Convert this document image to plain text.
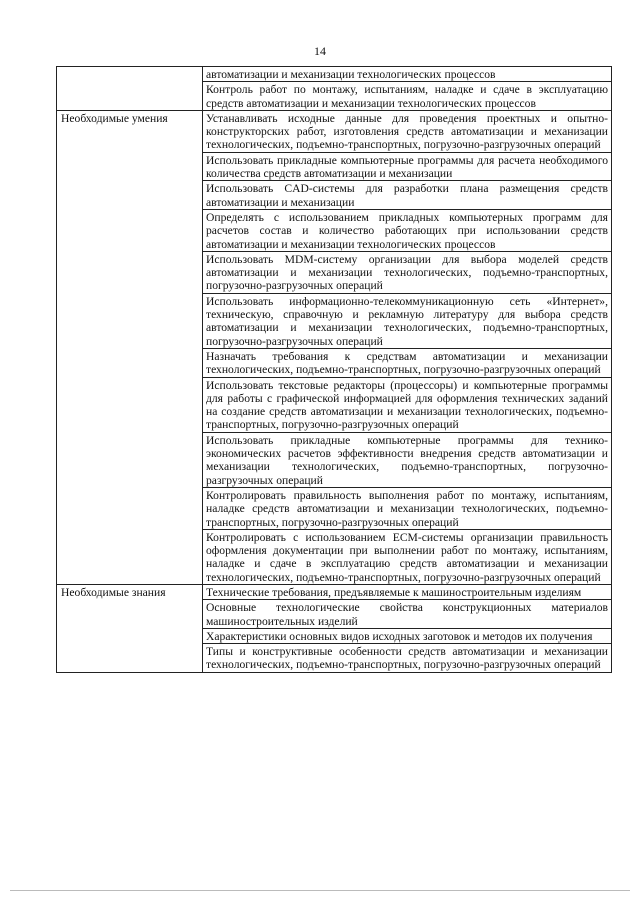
14
	автоматизации и механизации технологических процессов
	Контроль работ по монтажу, испытаниям, наладке и сдаче в эксплуатацию средств автоматизации и механизации технологических процессов
Необходимые умения	Устанавливать исходные данные для проведения проектных и опытно-конструкторских работ, изготовления средств автоматизации и механизации технологических, подъемно-транспортных, погрузочно-разгрузочных операций
	Использовать прикладные компьютерные программы для расчета необходимого количества средств автоматизации и механизации
	Использовать CAD-системы для разработки плана размещения средств автоматизации и механизации
	Определять с использованием прикладных компьютерных программ для расчетов состав и количество работающих при использовании средств автоматизации и механизации технологических процессов
	Использовать MDM-систему организации для выбора моделей средств автоматизации и механизации технологических, подъемно-транспортных, погрузочно-разгрузочных операций
	Использовать информационно-телекоммуникационную сеть «Интернет», техническую, справочную и рекламную литературу для выбора средств автоматизации и механизации технологических, подъемно-транспортных, погрузочно-разгрузочных операций
	Назначать требования к средствам автоматизации и механизации технологических, подъемно-транспортных, погрузочно-разгрузочных операций
	Использовать текстовые редакторы (процессоры) и компьютерные программы для работы с графической информацией для оформления технических заданий на создание средств автоматизации и механизации технологических, подъемно-транспортных, погрузочно-разгрузочных операций
	Использовать прикладные компьютерные программы для технико-экономических расчетов эффективности внедрения средств автоматизации и механизации технологических, подъемно-транспортных, погрузочно-разгрузочных операций
	Контролировать правильность выполнения работ по монтажу, испытаниям, наладке средств автоматизации и механизации технологических, подъемно-транспортных, погрузочно-разгрузочных операций
	Контролировать с использованием ECM-системы организации правильность оформления документации при выполнении работ по монтажу, испытаниям, наладке и сдаче в эксплуатацию средств автоматизации и механизации технологических, подъемно-транспортных, погрузочно-разгрузочных операций
Необходимые знания	Технические требования, предъявляемые к машиностроительным изделиям
	Основные технологические свойства конструкционных материалов машиностроительных изделий
	Характеристики основных видов исходных заготовок и методов их получения
	Типы и конструктивные особенности средств автоматизации и механизации технологических, подъемно-транспортных, погрузочно-разгрузочных операций
